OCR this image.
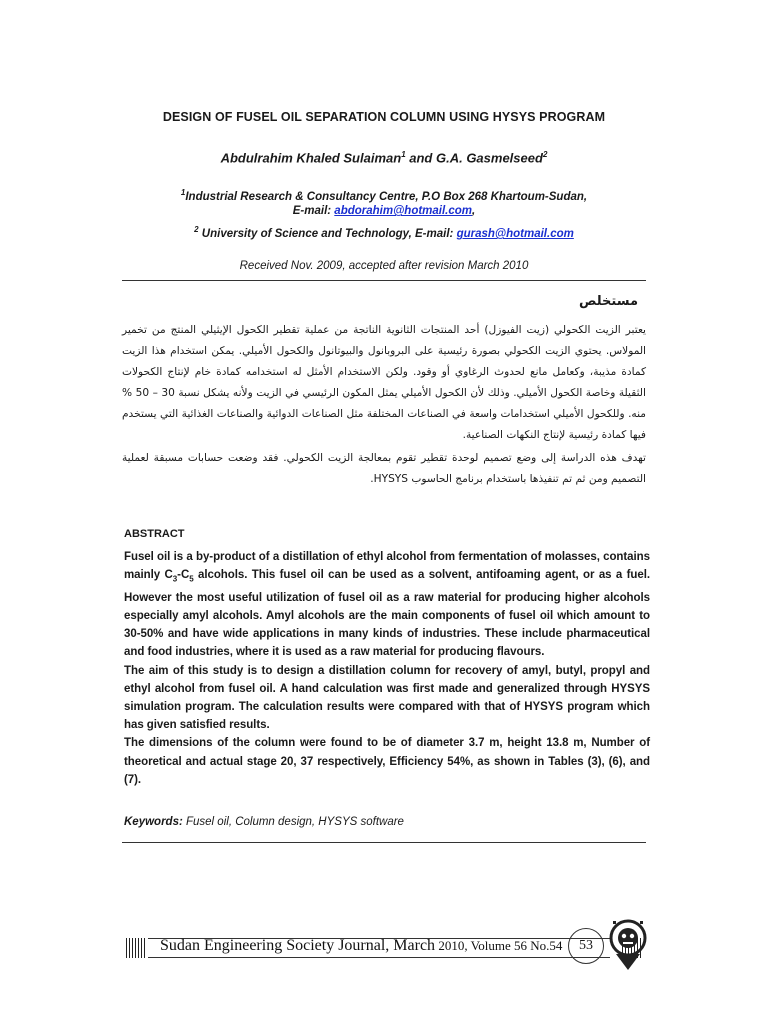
DESIGN OF FUSEL OIL SEPARATION COLUMN USING HYSYS PROGRAM
Abdulrahim Khaled Sulaiman$^1$ and G.A. Gasmelseed$^2$
$^1$Industrial Research & Consultancy Centre, P.O Box 268 Khartoum-Sudan,
E-mail: abdorahim@hotmail.com,
$^2$ University of Science and Technology, E-mail: gurash@hotmail.com
Received Nov. 2009, accepted after revision March 2010
مستخلص
يعتبر الزيت الكحولي (زيت الفيوزل) أحد المنتجات الثانوية الناتجة من عملية تقطير الكحول الإيثيلي المنتج من تخمير المولاس. يحتوي الزيت الكحولي بصورة رئيسية على البروبانول والبيوتانول والكحول الأميلي. يمكن استخدام هذا الزيت كمادة مذيبة، وكعامل مانع لحدوث الرغاوي أو وقود. ولكن الاستخدام الأمثل له استخدامه كمادة خام لإنتاج الكحولات الثقيلة وخاصة الكحول الأميلي. وذلك لأن الكحول الأميلي يمثل المكون الرئيسي في الزيت ولأنه يشكل نسبة 30 – 50 % منه. وللكحول الأميلي استخدامات واسعة في الصناعات المختلفة مثل الصناعات الدوائية والصناعات الغذائية التي يستخدم فيها كمادة رئيسية لإنتاج النكهات الصناعية.
تهدف هذه الدراسة إلى وضع تصميم لوحدة تقطير تقوم بمعالجة الزيت الكحولي. فقد وضعت حسابات مسبقة لعملية التصميم ومن ثم تم تنفيذها باستخدام برنامج الحاسوب HYSYS.
ABSTRACT

Fusel oil is a by-product of a distillation of ethyl alcohol from fermentation of molasses, contains mainly $C_3-C_5$ alcohols. This fusel oil can be used as a solvent, antifoaming agent, or as a fuel. However the most useful utilization of fusel oil as a raw material for producing higher alcohols especially amyl alcohols. Amyl alcohols are the main components of fusel oil which amount to 30-50% and have wide applications in many kinds of industries. These include pharmaceutical and food industries, where it is used as a raw material for producing flavours.

The aim of this study is to design a distillation column for recovery of amyl, butyl, propyl and ethyl alcohol from fusel oil. A hand calculation was first made and generalized through HYSYS simulation program. The calculation results were compared with that of HYSYS program which has given satisfied results.

The dimensions of the column were found to be of diameter 3.7 m, height 13.8 m, Number of theoretical and actual stage 20, 37 respectively, Efficiency 54%, as shown in Tables (3), (6), and (7).

Keywords: Fusel oil, Column design, HYSYS software
Sudan Engineering Society Journal, March 2010, Volume 56 No.54	53
